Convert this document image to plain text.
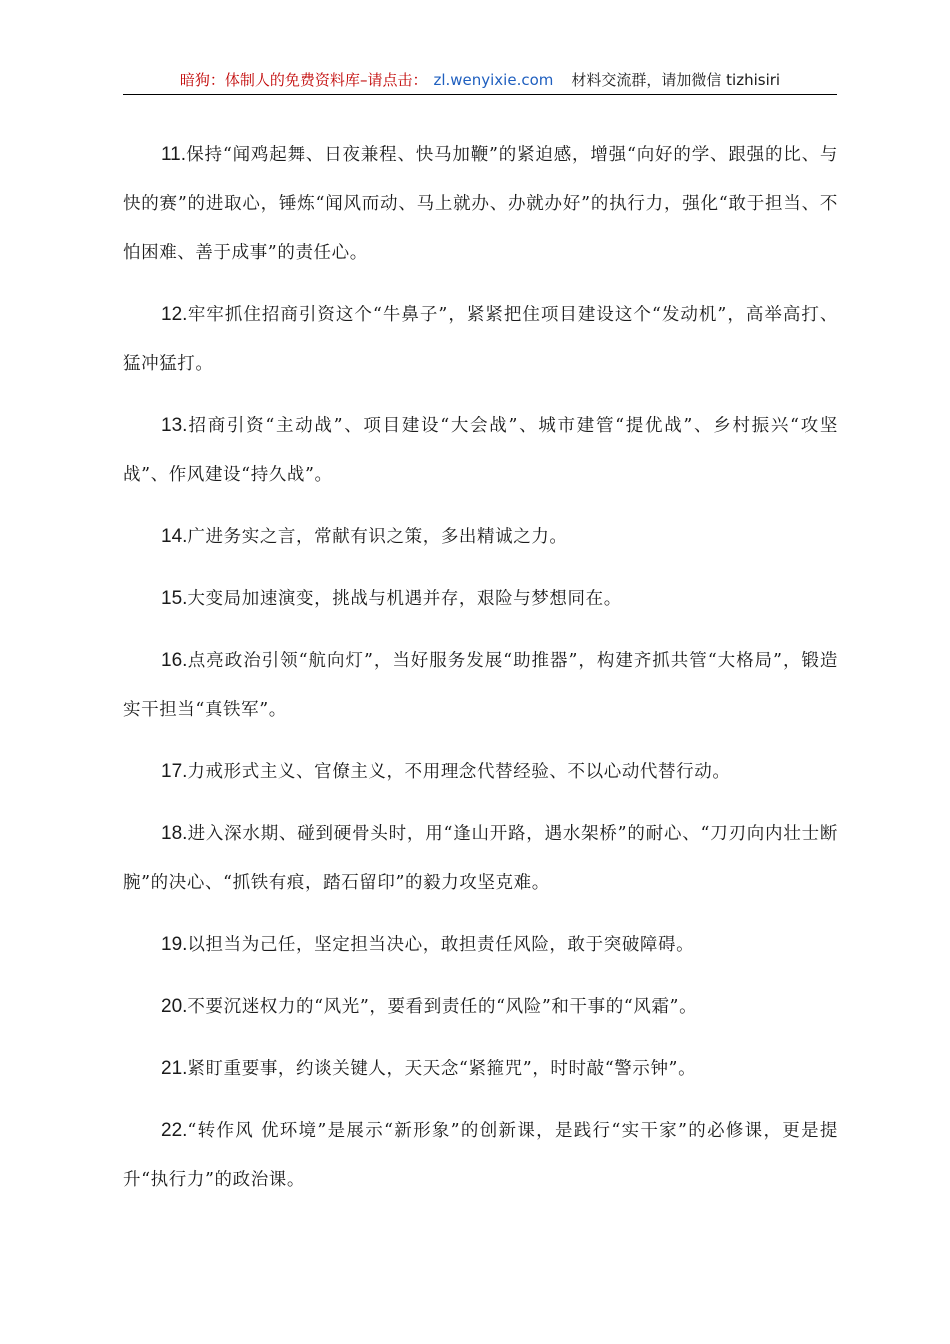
暗狗：体制人的免费资料库–请点击： zl.wenyixie.com 材料交流群，请加微信 tizhisiri

11.保持“闻鸡起舞、日夜兼程、快马加鞭”的紧迫感，增强“向好的学、跟强的比、与快的赛”的进取心，锤炼“闻风而动、马上就办、办就办好”的执行力，强化“敢于担当、不怕困难、善于成事”的责任心。

12.牢牢抓住招商引资这个“牛鼻子”，紧紧把住项目建设这个“发动机”，高举高打、猛冲猛打。

13.招商引资“主动战”、项目建设“大会战”、城市建管“提优战”、乡村振兴“攻坚战”、作风建设“持久战”。

14.广进务实之言，常献有识之策，多出精诚之力。

15.大变局加速演变，挑战与机遇并存，艰险与梦想同在。

16.点亮政治引领“航向灯”，当好服务发展“助推器”，构建齐抓共管“大格局”，锻造实干担当“真铁军”。

17.力戒形式主义、官僚主义，不用理念代替经验、不以心动代替行动。

18.进入深水期、碰到硬骨头时，用“逢山开路，遇水架桥”的耐心、“刀刃向内壮士断腕”的决心、“抓铁有痕，踏石留印”的毅力攻坚克难。

19.以担当为己任，坚定担当决心，敢担责任风险，敢于突破障碍。

20.不要沉迷权力的“风光”，要看到责任的“风险”和干事的“风霜”。

21.紧盯重要事，约谈关键人，天天念“紧箍咒”，时时敲“警示钟”。

22.“转作风 优环境”是展示“新形象”的创新课，是践行“实干家”的必修课，更是提升“执行力”的政治课。
